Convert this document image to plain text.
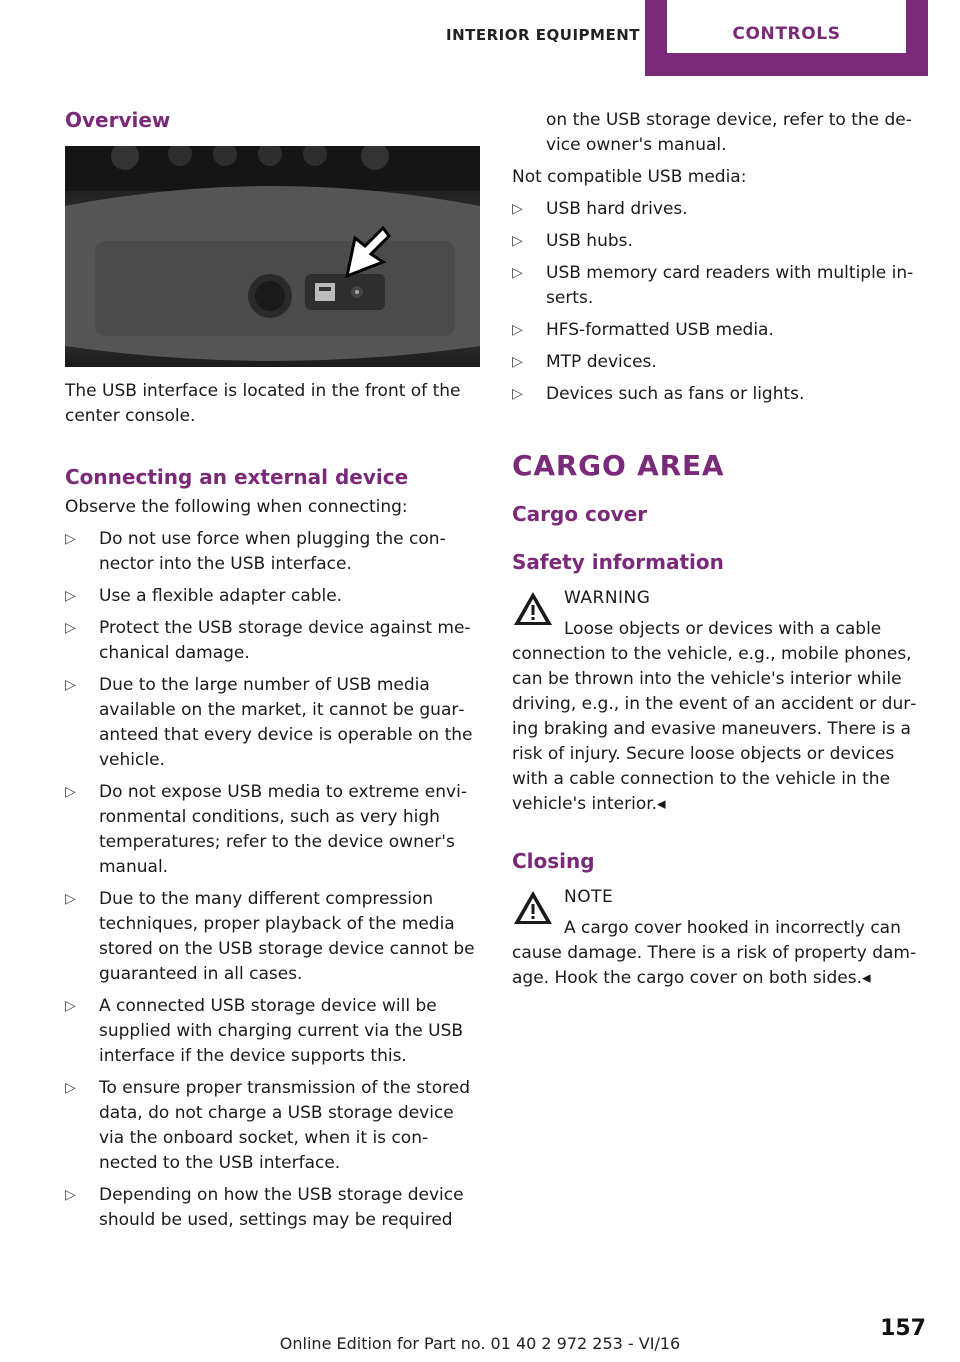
INTERIOR EQUIPMENT	CONTROLS
Overview

The USB interface is located in the front of the center console.

Connecting an external device

Observe the following when connecting:

▷ Do not use force when plugging the connector into the USB interface.
▷ Use a flexible adapter cable.
▷ Protect the USB storage device against mechanical damage.
▷ Due to the large number of USB media available on the market, it cannot be guaranteed that every device is operable on the vehicle.
▷ Do not expose USB media to extreme environmental conditions, such as very high temperatures; refer to the device owner's manual.
▷ Due to the many different compression techniques, proper playback of the media stored on the USB storage device cannot be guaranteed in all cases.
▷ A connected USB storage device will be supplied with charging current via the USB interface if the device supports this.
▷ To ensure proper transmission of the stored data, do not charge a USB storage device via the onboard socket, when it is connected to the USB interface.
▷ Depending on how the USB storage device should be used, settings may be required

on the USB storage device, refer to the device owner's manual.

Not compatible USB media:

▷ USB hard drives.
▷ USB hubs.
▷ USB memory card readers with multiple inserts.
▷ HFS-formatted USB media.
▷ MTP devices.
▷ Devices such as fans or lights.
CARGO AREA
Cargo cover
Safety information
WARNING
Loose objects or devices with a cable

connection to the vehicle, e.g., mobile phones, can be thrown into the vehicle's interior while driving, e.g., in the event of an accident or during braking and evasive maneuvers. There is a risk of injury. Secure loose objects or devices with a cable connection to the vehicle in the vehicle's interior.◂

Closing
NOTE
A cargo cover hooked in incorrectly can

cause damage. There is a risk of property damage. Hook the cargo cover on both sides.◂

157
Online Edition for Part no. 01 40 2 972 253 - VI/16
